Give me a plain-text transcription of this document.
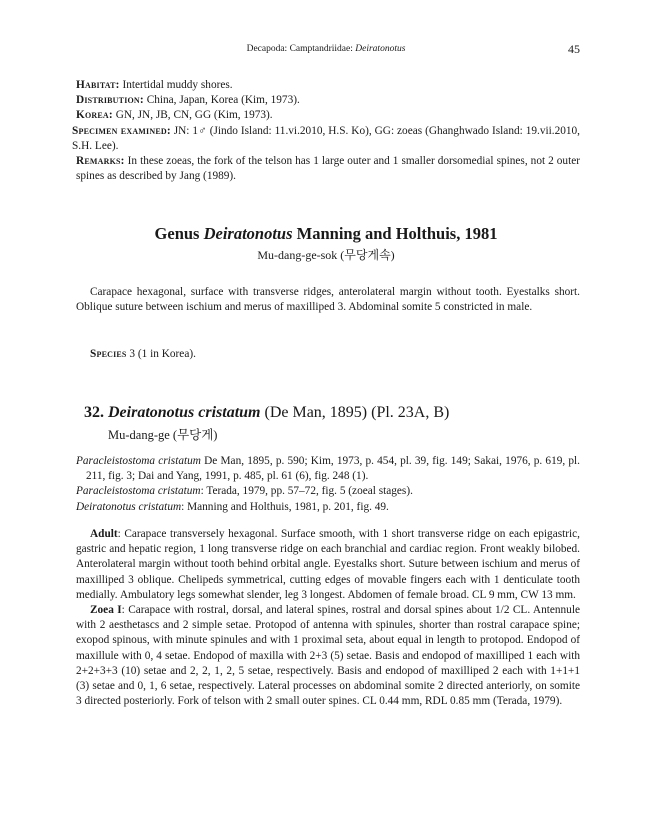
Decapoda: Camptandriidae: Deiratonotus	45

Habitat: Intertidal muddy shores.

Distribution: China, Japan, Korea (Kim, 1973).

Korea: GN, JN, JB, CN, GG (Kim, 1973).

Specimen examined: JN: 1♂ (Jindo Island: 11.vi.2010, H.S. Ko), GG: zoeas (Ghanghwado Island: 19.vii.2010, S.H. Lee).

Remarks: In these zoeas, the fork of the telson has 1 large outer and 1 smaller dorsomedial spines, not 2 outer spines as described by Jang (1989).

Genus Deiratonotus Manning and Holthuis, 1981
Mu-dang-ge-sok (무당게속)

Carapace hexagonal, surface with transverse ridges, anterolateral margin without tooth. Eyestalks short. Oblique suture between ischium and merus of maxilliped 3. Abdominal somite 5 constricted in male.

Species 3 (1 in Korea).

32. Deiratonotus cristatum (De Man, 1895) (Pl. 23A, B)
Mu-dang-ge (무당게)

Paracleistostoma cristatum De Man, 1895, p. 590; Kim, 1973, p. 454, pl. 39, fig. 149; Sakai, 1976, p. 619, pl. 211, fig. 3; Dai and Yang, 1991, p. 485, pl. 61 (6), fig. 248 (1).

Paracleistostoma cristatum: Terada, 1979, pp. 57–72, fig. 5 (zoeal stages).

Deiratonotus cristatum: Manning and Holthuis, 1981, p. 201, fig. 49.

Adult: Carapace transversely hexagonal. Surface smooth, with 1 short transverse ridge on each epigastric, gastric and hepatic region, 1 long transverse ridge on each branchial and cardiac region. Front weakly bilobed. Anterolateral margin without tooth behind orbital angle. Eyestalks short. Suture between ischium and merus of maxilliped 3 oblique. Chelipeds symmetrical, cutting edges of movable fingers each with 1 denticulate tooth medially. Ambulatory legs somewhat slender, leg 3 longest. Abdomen of female broad. CL 9 mm, CW 13 mm.

Zoea I: Carapace with rostral, dorsal, and lateral spines, rostral and dorsal spines about 1/2 CL. Antennule with 2 aesthetascs and 2 simple setae. Protopod of antenna with spinules, shorter than rostral carapace spine; exopod spinous, with minute spinules and with 1 proximal seta, about equal in length to protopod. Endopod of maxillule with 0, 4 setae. Endopod of maxilla with 2+3 (5) setae. Basis and endopod of maxilliped 1 each with 2+2+3+3 (10) setae and 2, 2, 1, 2, 5 setae, respectively. Basis and endopod of maxilliped 2 each with 1+1+1 (3) setae and 0, 1, 6 setae, respectively. Lateral processes on abdominal somite 2 directed anteriorly, on somite 3 directed posteriorly. Fork of telson with 2 small outer spines. CL 0.44 mm, RDL 0.85 mm (Terada, 1979).
